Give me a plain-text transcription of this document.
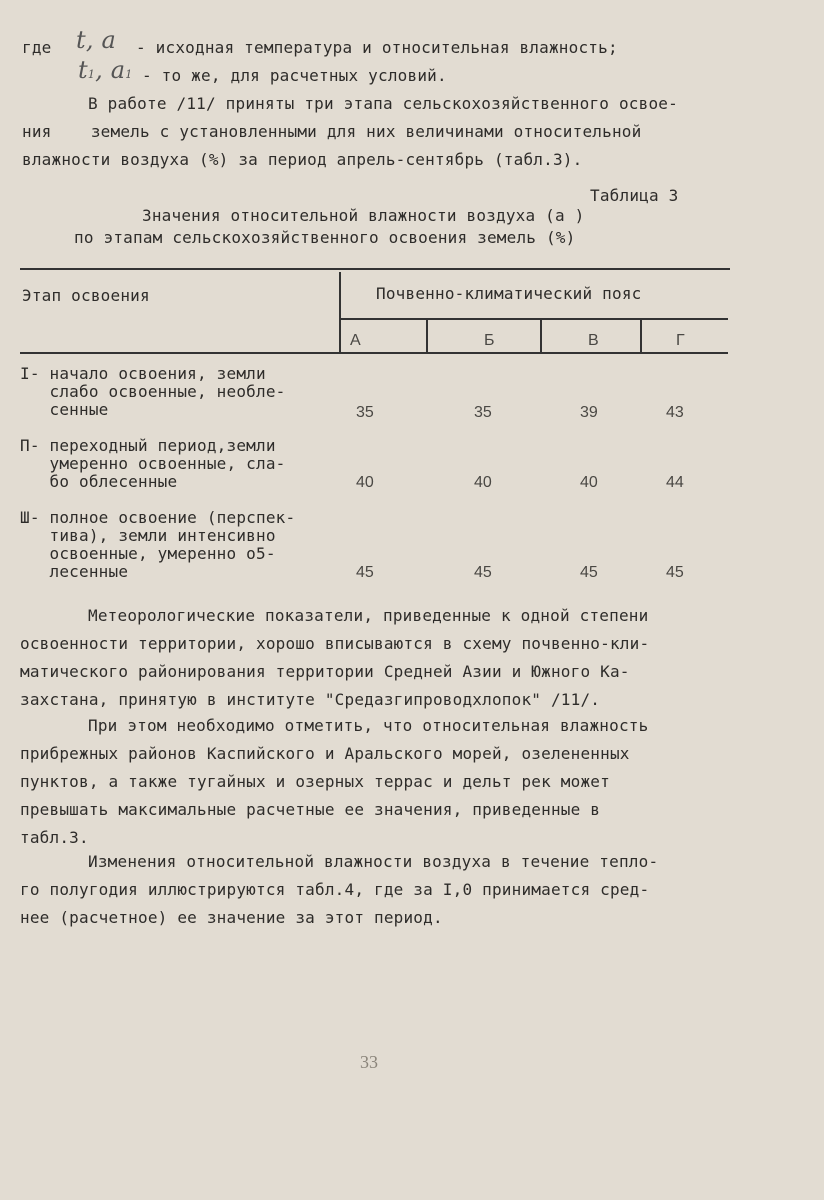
где t, a - исходная температура и относительная влажность;
t1, a1 - то же, для расчетных условий.
В работе /11/ приняты три этапа сельскохозяйственного освое-
ния    земель с установленными для них величинами относительной
влажности воздуха (%) за период апрель-сентябрь (табл.3).
Таблица 3
Значения относительной влажности воздуха (a )
по этапам сельскохозяйственного освоения земель (%)
Этап освоения	Почвенно-климатический пояс
А	Б	В	Г
I- начало освоения, земли
слабо освоенные, необле-
сенные	35	35	39	43
П- переходный период,земли
умеренно освоенные, сла-
бо облесенные	40	40	40	44
Ш- полное освоение (перспек-
тива), земли интенсивно
освоенные, умеренно о5-
лесенные	45	45	45	45
Метеорологические показатели, приведенные к одной степени
освоенности территории, хорошо вписываются в схему почвенно-кли-
матического районирования территории Средней Азии и Южного Ка-
захстана, принятую в институте "Средазгипроводхлопок" /11/.
При этом необходимо отметить, что относительная влажность
прибрежных районов Каспийского и Аральского морей, озелененных
пунктов, а также тугайных и озерных террас и дельт рек может
превышать максимальные расчетные ее значения, приведенные в
табл.3.
Изменения относительной влажности воздуха в течение тепло-
го полугодия иллюстрируются табл.4, где за I,0 принимается сред-
нее (расчетное) ее значение за этот период.
33
